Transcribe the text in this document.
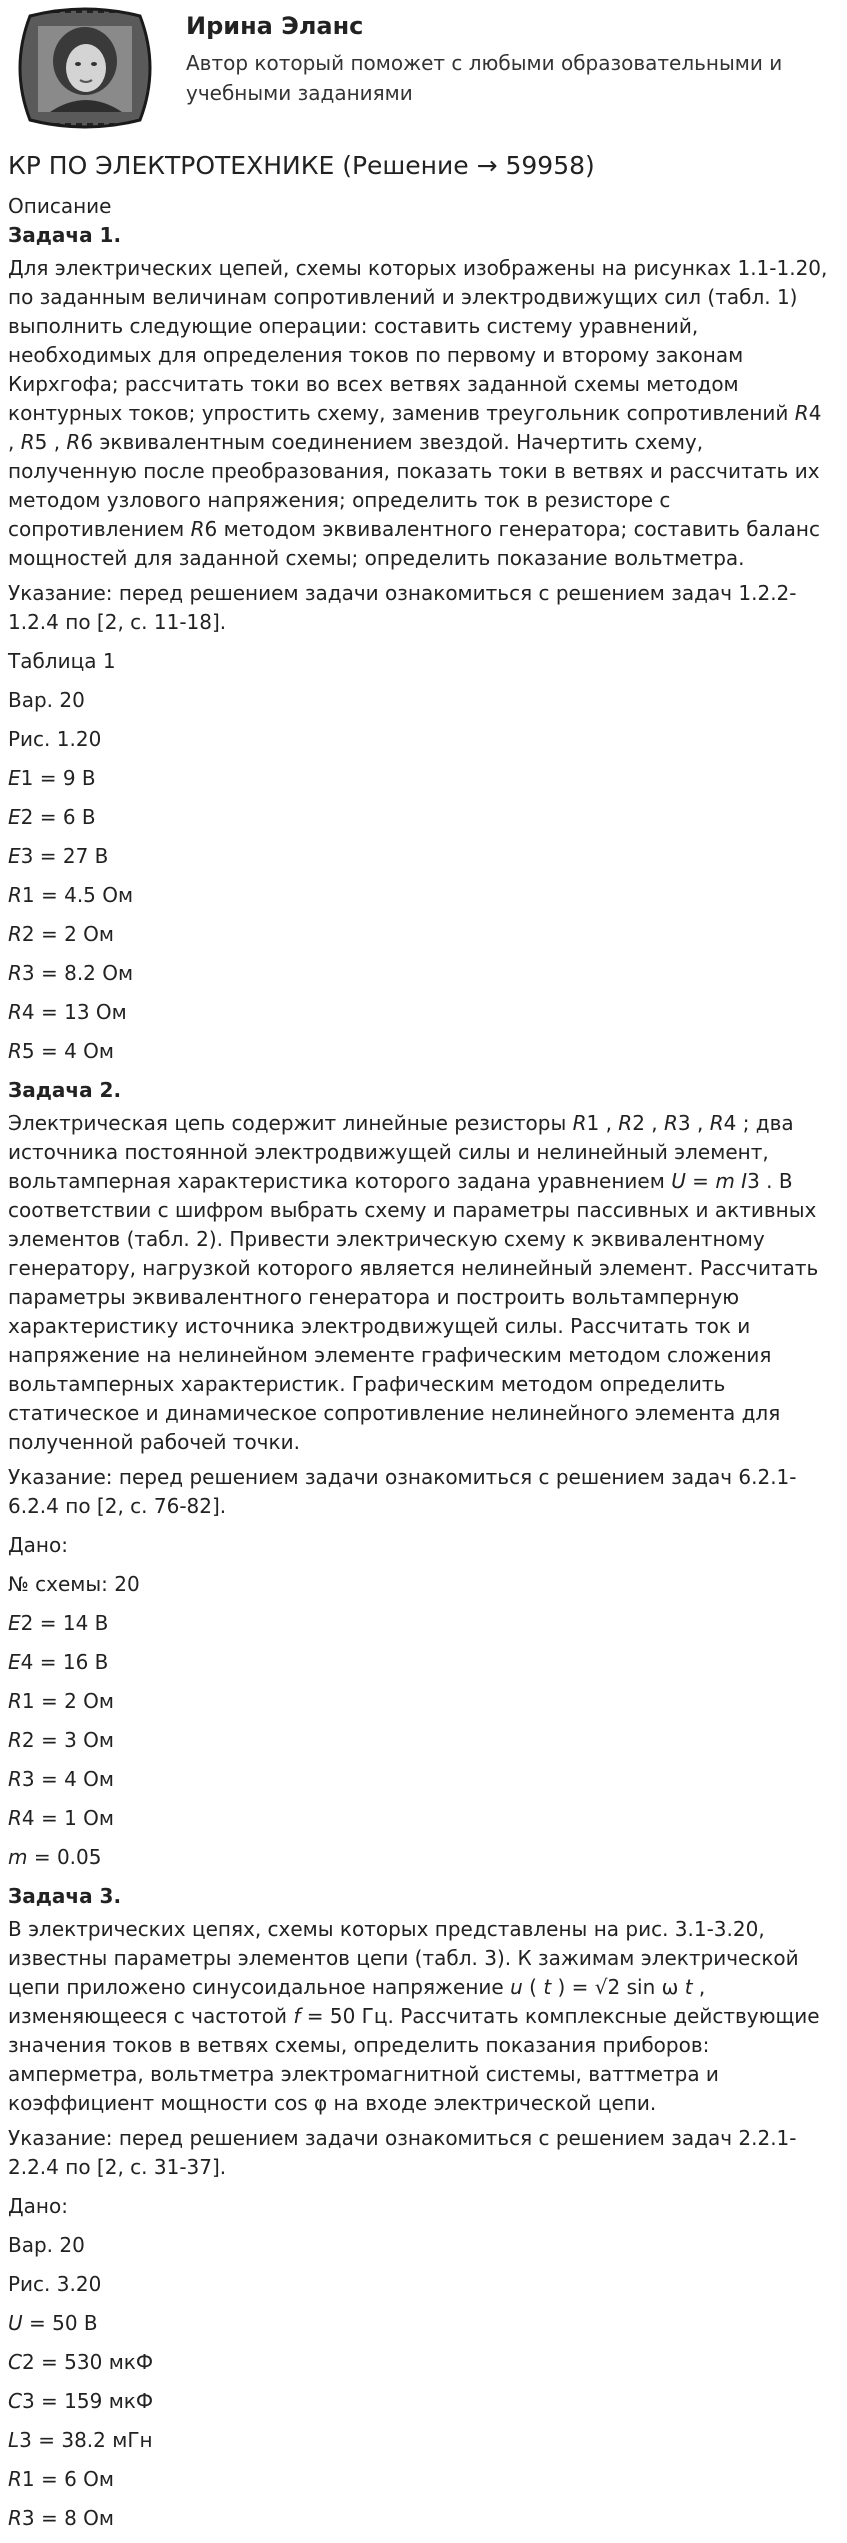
Ирина Эланс
Автор который поможет с любыми образовательными и учебными заданиями
КР ПО ЭЛЕКТРОТЕХНИКЕ (Решение → 59958)
Описание
Задача 1.

Для электрических цепей, схемы которых изображены на рисунках 1.1-1.20, по заданным величинам сопротивлений и электродвижущих сил (табл. 1) выполнить следующие операции: составить систему уравнений, необходимых для определения токов по первому и второму законам Кирхгофа; рассчитать токи во всех ветвях заданной схемы методом контурных токов; упростить схему, заменив треугольник сопротивлений R4 , R5 , R6 эквивалентным соединением звездой. Начертить схему, полученную после преобразования, показать токи в ветвях и рассчитать их методом узлового напряжения; определить ток в резисторе с сопротивлением R6 методом эквивалентного генератора; составить баланс мощностей для заданной схемы; определить показание вольтметра.

Указание: перед решением задачи ознакомиться с решением задач 1.2.2-1.2.4 по [2, с. 11-18].

Таблица 1

Вар. 20

Рис. 1.20

E1 = 9 В

E2 = 6 В

E3 = 27 В

R1 = 4.5 Ом

R2 = 2 Ом

R3 = 8.2 Ом

R4 = 13 Ом

R5 = 4 Ом

Задача 2.

Электрическая цепь содержит линейные резисторы R1 , R2 , R3 , R4 ; два источника постоянной электродвижущей силы и нелинейный элемент, вольтамперная характеристика которого задана уравнением U = m I3 . В соответствии с шифром выбрать схему и параметры пассивных и активных элементов (табл. 2). Привести электрическую схему к эквивалентному генератору, нагрузкой которого является нелинейный элемент. Рассчитать параметры эквивалентного генератора и построить вольтамперную характеристику источника электродвижущей силы. Рассчитать ток и напряжение на нелинейном элементе графическим методом сложения вольтамперных характеристик. Графическим методом определить статическое и динамическое сопротивление нелинейного элемента для полученной рабочей точки.

Указание: перед решением задачи ознакомиться с решением задач 6.2.1-6.2.4 по [2, с. 76-82].

Дано:

№ схемы: 20

E2 = 14 В

E4 = 16 В

R1 = 2 Ом

R2 = 3 Ом

R3 = 4 Ом

R4 = 1 Ом

m = 0.05

Задача 3.

В электрических цепях, схемы которых представлены на рис. 3.1-3.20, известны параметры элементов цепи (табл. 3). К зажимам электрической цепи приложено синусоидальное напряжение u ( t ) = √2 sin ω t , изменяющееся с частотой f = 50 Гц. Рассчитать комплексные действующие значения токов в ветвях схемы, определить показания приборов: амперметра, вольтметра электромагнитной системы, ваттметра и коэффициент мощности cos φ на входе электрической цепи.

Указание: перед решением задачи ознакомиться с решением задач 2.2.1-2.2.4 по [2, с. 31-37].

Дано:

Вар. 20

Рис. 3.20

U = 50 В

C2 = 530 мкФ

C3 = 159 мкФ

L3 = 38.2 мГн

R1 = 6 Ом

R3 = 8 Ом
